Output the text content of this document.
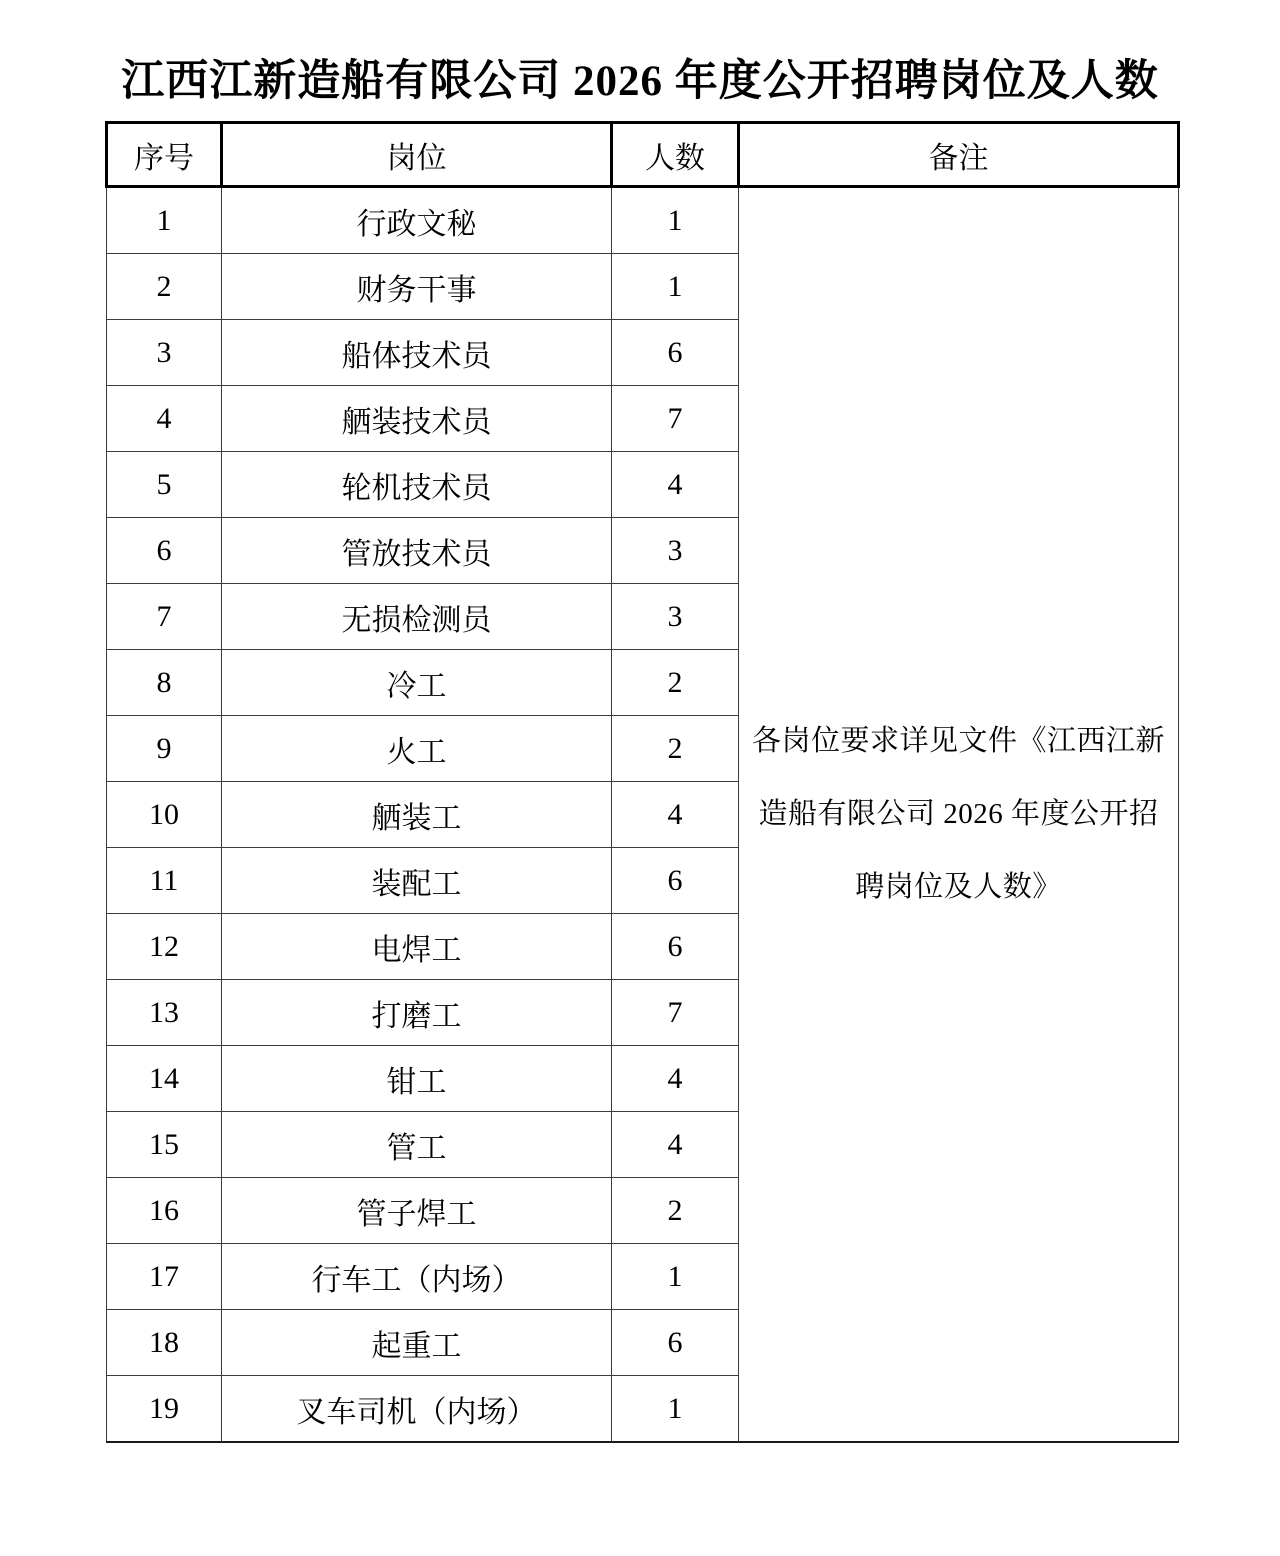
江西江新造船有限公司 2026 年度公开招聘岗位及人数
序号	岗位	人数	备注
1	行政文秘	1	各岗位要求详见文件《江西江新
造船有限公司 2026 年度公开招
聘岗位及人数》

2	财务干事	1	
3	船体技术员	6	
4	舾装技术员	7	
5	轮机技术员	4	
6	管放技术员	3	
7	无损检测员	3	
8	冷工	2	
9	火工	2	
10	舾装工	4	
11	装配工	6	
12	电焊工	6	
13	打磨工	7	
14	钳工	4	
15	管工	4	
16	管子焊工	2	
17	行车工（内场）	1	
18	起重工	6	
19	叉车司机（内场）	1	
